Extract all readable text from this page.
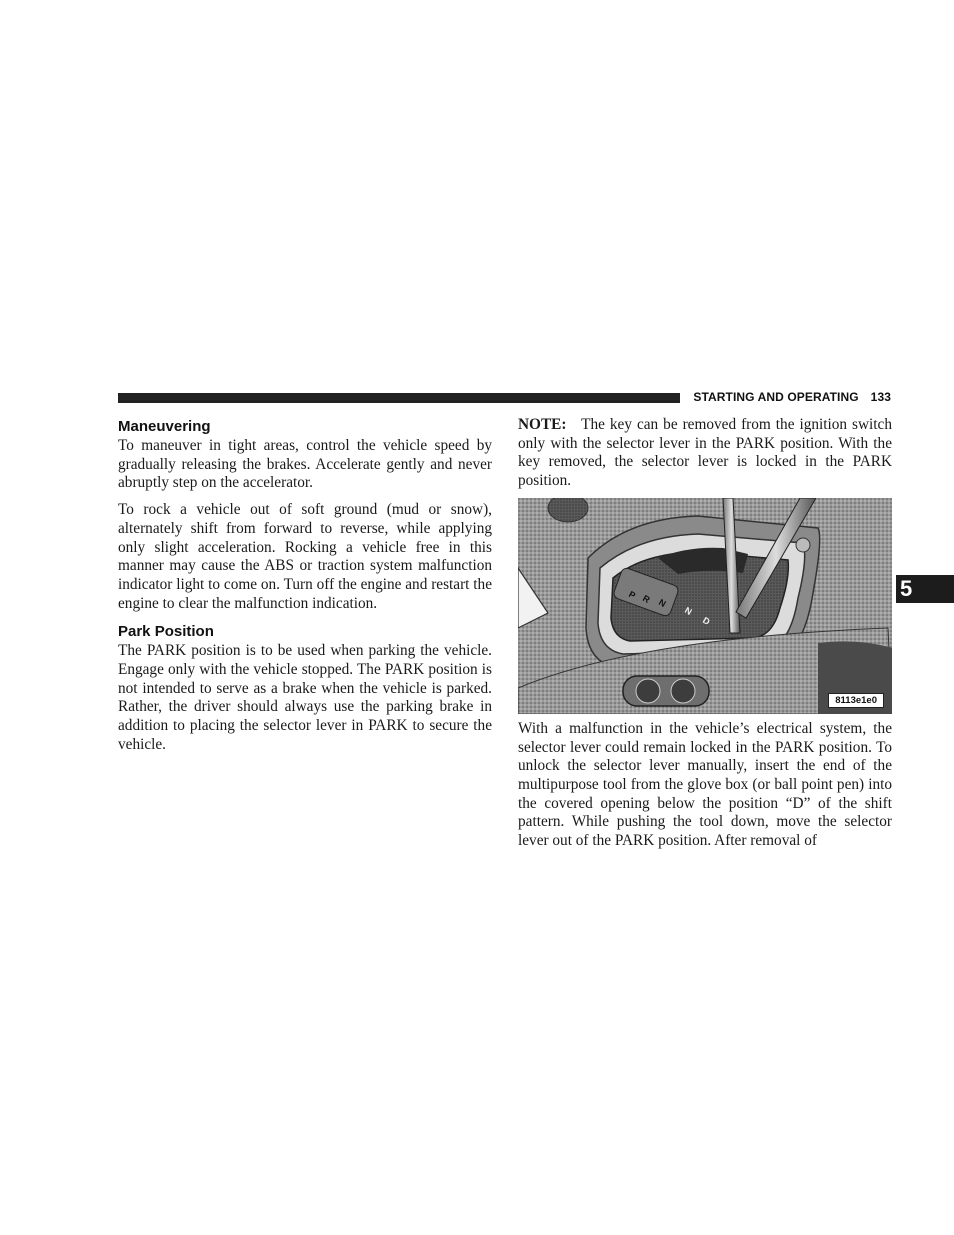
STARTING AND OPERATING 133
5
Maneuvering

To maneuver in tight areas, control the vehicle speed by gradually releasing the brakes. Accelerate gently and never abruptly step on the accelerator.

To rock a vehicle out of soft ground (mud or snow), alternately shift from forward to reverse, while applying only slight acceleration. Rocking a vehicle free in this manner may cause the ABS or traction system malfunction indicator light to come on. Turn off the engine and restart the engine to clear the malfunction indication.

Park Position

The PARK position is to be used when parking the vehicle. Engage only with the vehicle stopped. The PARK position is not intended to serve as a brake when the vehicle is parked. Rather, the driver should always use the parking brake in addition to placing the selector lever in PARK to secure the vehicle.

NOTE: The key can be removed from the ignition switch only with the selector lever in the PARK position. With the key removed, the selector lever is locked in the PARK position.

P R N
N
D
8113e1e0

With a malfunction in the vehicle’s electrical system, the selector lever could remain locked in the PARK position. To unlock the selector lever manually, insert the end of the multipurpose tool from the glove box (or ball point pen) into the covered opening below the position “D” of the shift pattern. While pushing the tool down, move the selector lever out of the PARK position. After removal of
